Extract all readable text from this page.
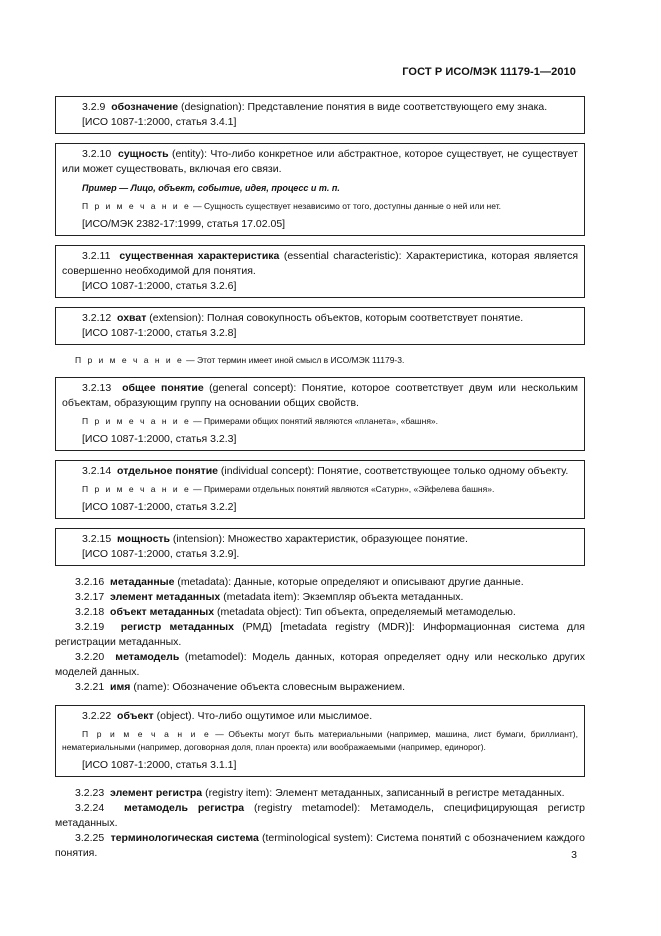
ГОСТ Р ИСО/МЭК 11179-1—2010

3.2.9 обозначение (designation): Представление понятия в виде соответствующего ему знака.

[ИСО 1087-1:2000, статья 3.4.1]

3.2.10 сущность (entity): Что-либо конкретное или абстрактное, которое существует, не существует или может существовать, включая его связи.

Пример — Лицо, объект, событие, идея, процесс и т. п.

П р и м е ч а н и е — Сущность существует независимо от того, доступны данные о ней или нет.

[ИСО/МЭК 2382-17:1999, статья 17.02.05]

3.2.11 существенная характеристика (essential characteristic): Характеристика, которая является совершенно необходимой для понятия.

[ИСО 1087-1:2000, статья 3.2.6]

3.2.12 охват (extension): Полная совокупность объектов, которым соответствует понятие.

[ИСО 1087-1:2000, статья 3.2.8]

П р и м е ч а н и е — Этот термин имеет иной смысл в ИСО/МЭК 11179-3.

3.2.13 общее понятие (general concept): Понятие, которое соответствует двум или нескольким объектам, образующим группу на основании общих свойств.

П р и м е ч а н и е — Примерами общих понятий являются «планета», «башня».

[ИСО 1087-1:2000, статья 3.2.3]

3.2.14 отдельное понятие (individual concept): Понятие, соответствующее только одному объекту.

П р и м е ч а н и е — Примерами отдельных понятий являются «Сатурн», «Эйфелева башня».

[ИСО 1087-1:2000, статья 3.2.2]

3.2.15 мощность (intension): Множество характеристик, образующее понятие.

[ИСО 1087-1:2000, статья 3.2.9].

3.2.16 метаданные (metadata): Данные, которые определяют и описывают другие данные.

3.2.17 элемент метаданных (metadata item): Экземпляр объекта метаданных.

3.2.18 объект метаданных (metadata object): Тип объекта, определяемый метамоделью.

3.2.19 регистр метаданных (РМД) [metadata registry (MDR)]: Информационная система для регистрации метаданных.

3.2.20 метамодель (metamodel): Модель данных, которая определяет одну или несколько других моделей данных.

3.2.21 имя (name): Обозначение объекта словесным выражением.

3.2.22 объект (object). Что-либо ощутимое или мыслимое.

П р и м е ч а н и е — Объекты могут быть материальными (например, машина, лист бумаги, бриллиант), нематериальными (например, договорная доля, план проекта) или воображаемыми (например, единорог).

[ИСО 1087-1:2000, статья 3.1.1]

3.2.23 элемент регистра (registry item): Элемент метаданных, записанный в регистре метаданных.

3.2.24 метамодель регистра (registry metamodel): Метамодель, специфицирующая регистр метаданных.

3.2.25 терминологическая система (terminological system): Система понятий с обозначением каждого понятия.	3
